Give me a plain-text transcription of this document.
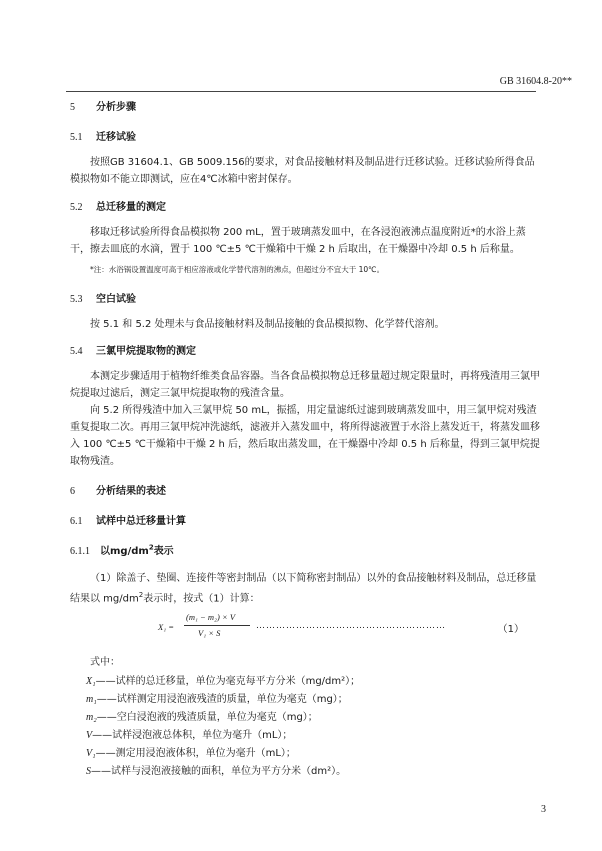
GB 31604.8-20**
5 分析步骤
5.1 迁移试验
按照GB 31604.1、GB 5009.156的要求，对食品接触材料及制品进行迁移试验。迁移试验所得食品模拟物如不能立即测试，应在4℃冰箱中密封保存。
5.2 总迁移量的测定
移取迁移试验所得食品模拟物 200 mL，置于玻璃蒸发皿中，在各浸泡液沸点温度附近*的水浴上蒸干，擦去皿底的水滴，置于 100 ℃±5 ℃干燥箱中干燥 2 h 后取出，在干燥器中冷却 0.5 h 后称量。
*注：水浴锅设置温度可高于相应溶液或化学替代溶剂的沸点，但超过分不宜大于 10℃。
5.3 空白试验
按 5.1 和 5.2 处理未与食品接触材料及制品接触的食品模拟物、化学替代溶剂。
5.4 三氯甲烷提取物的测定
本测定步骤适用于植物纤维类食品容器。当各食品模拟物总迁移量超过规定限量时，再将残渣用三氯甲烷提取过滤后，测定三氯甲烷提取物的残渣含量。
向 5.2 所得残渣中加入三氯甲烷 50 mL，振摇，用定量滤纸过滤到玻璃蒸发皿中，用三氯甲烷对残渣重复提取二次。再用三氯甲烷冲洗滤纸，滤液并入蒸发皿中，将所得滤液置于水浴上蒸发近干，将蒸发皿移入 100 ℃±5 ℃干燥箱中干燥 2 h 后，然后取出蒸发皿，在干燥器中冷却 0.5 h 后称量，得到三氯甲烷提取物残渣。
6 分析结果的表述
6.1 试样中总迁移量计算
6.1.1 以$mg/dm^2$表示
（1）除盖子、垫圈、连接件等密封制品（以下简称密封制品）以外的食品接触材料及制品，总迁移量结果以 $mg/dm^2$表示时，按式（1）计算：
X₁ =
(m₁ − m₂) × V
V₁ × S
…………………………………………………	（1）
式中：
X₁——试样的总迁移量，单位为毫克每平方分米（mg/dm²）；
m₁——试样测定用浸泡液残渣的质量，单位为毫克（mg）；
m₂——空白浸泡液的残渣质量，单位为毫克（mg）；
V——试样浸泡液总体积，单位为毫升（mL）；
V₁——测定用浸泡液体积，单位为毫升（mL）；
S——试样与浸泡液接触的面积，单位为平方分米（dm²）。
3
